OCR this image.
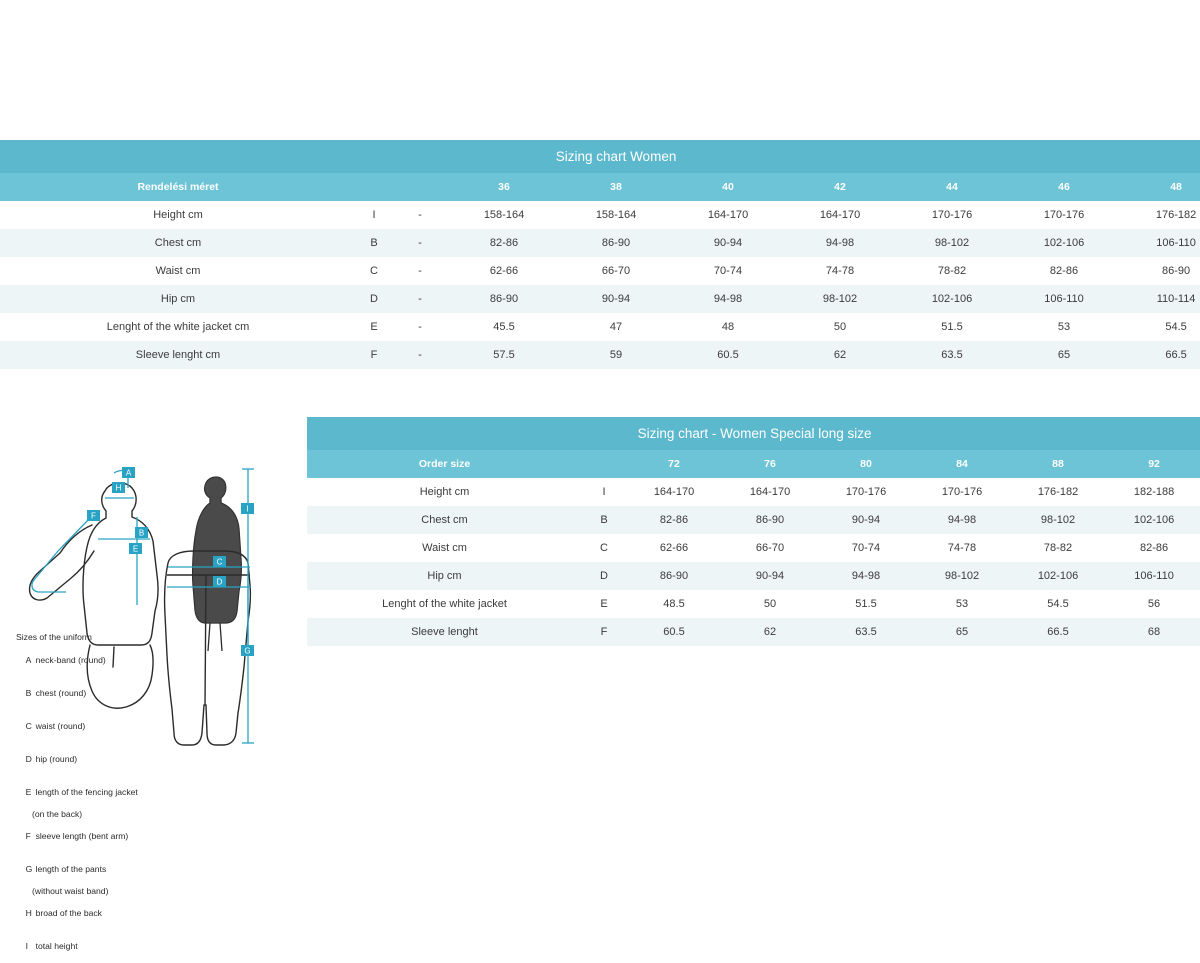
Sizing chart Women									
Rendelési méret			36	38	40	42	44	46	48
Height cm	I	-	158-164	158-164	164-170	164-170	170-176	170-176	176-182
Chest cm	B	-	82-86	86-90	90-94	94-98	98-102	102-106	106-110
Waist cm	C	-	62-66	66-70	70-74	74-78	78-82	82-86	86-90
Hip cm	D	-	86-90	90-94	94-98	98-102	102-106	106-110	110-114
Lenght of the white jacket cm	E	-	45.5	47	48	50	51.5	53	54.5
Sleeve lenght cm	F	-	57.5	59	60.5	62	63.5	65	66.5
Sizing chart - Women Special long size							
Order size		72	76	80	84	88	92
Height cm	I	164-170	164-170	170-176	170-176	176-182	182-188
Chest cm	B	82-86	86-90	90-94	94-98	98-102	102-106
Waist cm	C	62-66	66-70	70-74	74-78	78-82	82-86
Hip cm	D	86-90	90-94	94-98	98-102	102-106	106-110
Lenght of the white jacket	E	48.5	50	51.5	53	54.5	56
Sleeve lenght	F	60.5	62	63.5	65	66.5	68
A
H
F
B
E
I
C
D
G
Sizes of the uniform

A neck-band (round)

B chest (round)

C waist (round)

D hip (round)

E length of the fencing jacket

(on the back)

F sleeve length (bent arm)

G length of the pants

(without waist band)

H broad of the back

I total height
